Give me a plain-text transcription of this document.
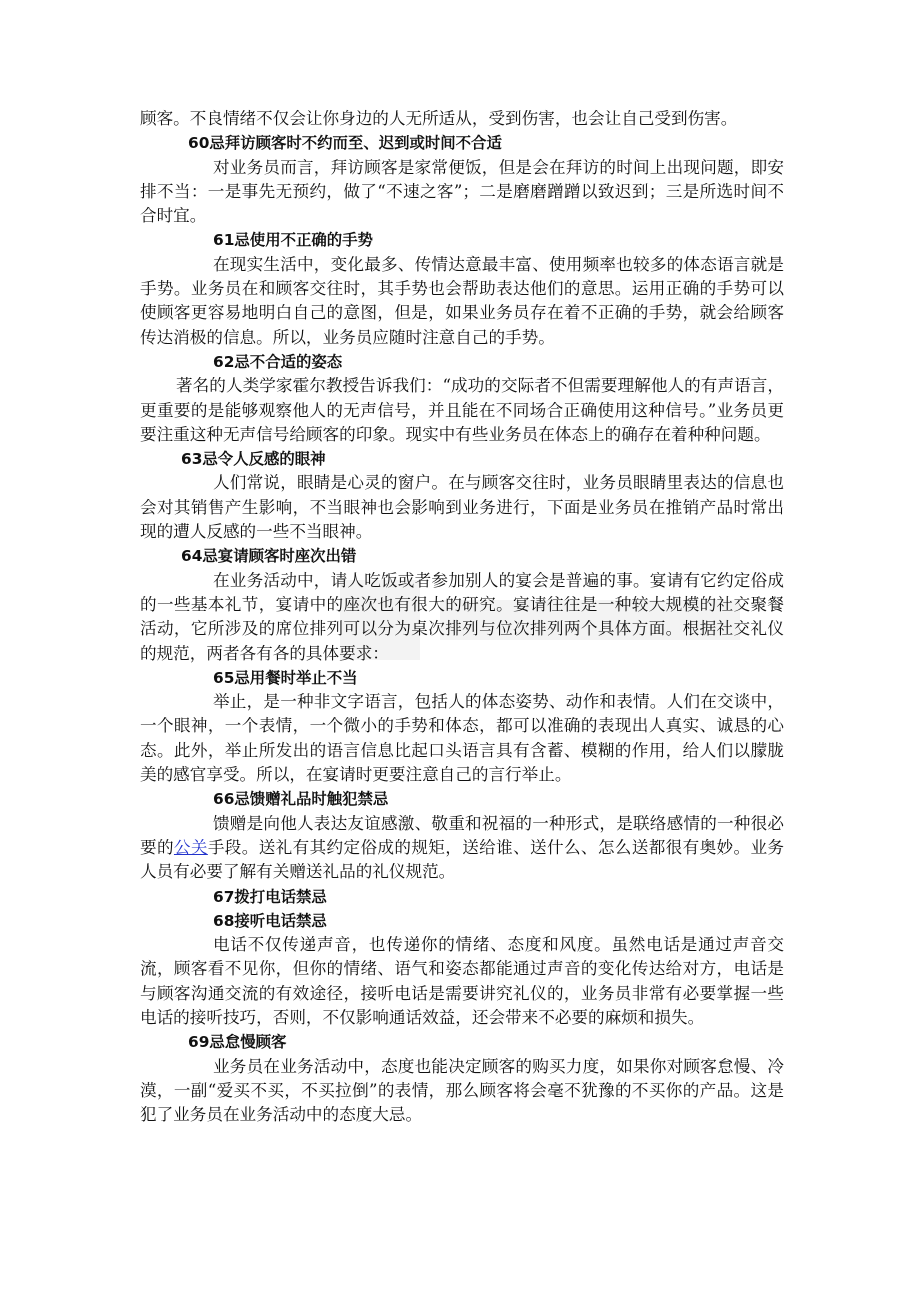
顾客。不良情绪不仅会让你身边的人无所适从，受到伤害，也会让自己受到伤害。

60忌拜访顾客时不约而至、迟到或时间不合适

对业务员而言，拜访顾客是家常便饭，但是会在拜访的时间上出现问题，即安排不当：一是事先无预约，做了“不速之客”；二是磨磨蹭蹭以致迟到；三是所选时间不合时宜。

61忌使用不正确的手势

在现实生活中，变化最多、传情达意最丰富、使用频率也较多的体态语言就是手势。业务员在和顾客交往时，其手势也会帮助表达他们的意思。运用正确的手势可以使顾客更容易地明白自己的意图，但是，如果业务员存在着不正确的手势，就会给顾客传达消极的信息。所以，业务员应随时注意自己的手势。

62忌不合适的姿态

著名的人类学家霍尔教授告诉我们：“成功的交际者不但需要理解他人的有声语言，更重要的是能够观察他人的无声信号，并且能在不同场合正确使用这种信号。”业务员更要注重这种无声信号给顾客的印象。现实中有些业务员在体态上的确存在着种种问题。

63忌令人反感的眼神

人们常说，眼睛是心灵的窗户。在与顾客交往时，业务员眼睛里表达的信息也会对其销售产生影响，不当眼神也会影响到业务进行，下面是业务员在推销产品时常出现的遭人反感的一些不当眼神。

64忌宴请顾客时座次出错

在业务活动中，请人吃饭或者参加别人的宴会是普遍的事。宴请有它约定俗成的一些基本礼节，宴请中的座次也有很大的研究。宴请往往是一种较大规模的社交聚餐活动，它所涉及的席位排列可以分为桌次排列与位次排列两个具体方面。根据社交礼仪的规范，两者各有各的具体要求：

65忌用餐时举止不当

举止，是一种非文字语言，包括人的体态姿势、动作和表情。人们在交谈中，一个眼神，一个表情，一个微小的手势和体态，都可以准确的表现出人真实、诚恳的心态。此外，举止所发出的语言信息比起口头语言具有含蓄、模糊的作用，给人们以朦胧美的感官享受。所以，在宴请时更要注意自己的言行举止。

66忌馈赠礼品时触犯禁忌

馈赠是向他人表达友谊感激、敬重和祝福的一种形式，是联络感情的一种很必要的公关手段。送礼有其约定俗成的规矩，送给谁、送什么、怎么送都很有奥妙。业务人员有必要了解有关赠送礼品的礼仪规范。

67拨打电话禁忌

68接听电话禁忌

电话不仅传递声音，也传递你的情绪、态度和风度。虽然电话是通过声音交流，顾客看不见你，但你的情绪、语气和姿态都能通过声音的变化传达给对方，电话是与顾客沟通交流的有效途径，接听电话是需要讲究礼仪的，业务员非常有必要掌握一些电话的接听技巧，否则，不仅影响通话效益，还会带来不必要的麻烦和损失。

69忌怠慢顾客

业务员在业务活动中，态度也能决定顾客的购买力度，如果你对顾客怠慢、冷漠，一副“爱买不买，不买拉倒”的表情，那么顾客将会毫不犹豫的不买你的产品。这是犯了业务员在业务活动中的态度大忌。
